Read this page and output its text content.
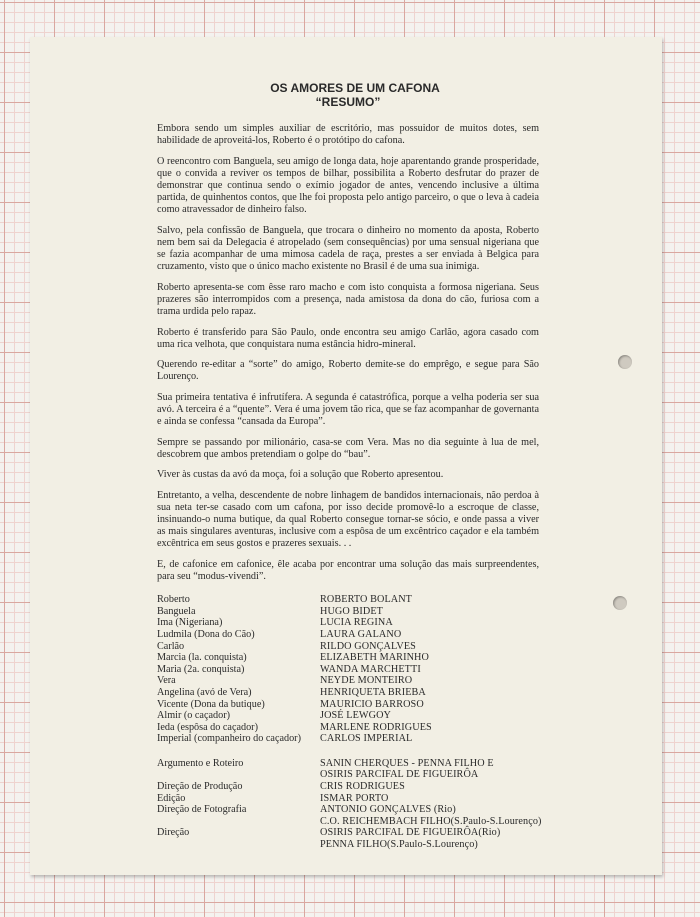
OS AMORES DE UM CAFONA
“RESUMO”

Embora sendo um simples auxiliar de escritório, mas possuidor de muitos dotes, sem habilidade de aproveitá-los, Roberto é o protótipo do cafona.

O reencontro com Banguela, seu amigo de longa data, hoje aparentando grande prosperidade, que o convida a reviver os tempos de bilhar, possibilita a Roberto desfrutar do prazer de demonstrar que continua sendo o exímio jogador de antes, vencendo inclusive a última partida, de quinhentos contos, que lhe foi proposta pelo antigo parceiro, o que o leva à cadeia como atravessador de dinheiro falso.

Salvo, pela confissão de Banguela, que trocara o dinheiro no momento da aposta, Roberto nem bem sai da Delegacia é atropelado (sem consequências) por uma sensual nigeriana que se fazia acompanhar de uma mimosa cadela de raça, prestes a ser enviada à Belgica para cruzamento, visto que o único macho existente no Brasil é de uma sua inimiga.

Roberto apresenta-se com êsse raro macho e com isto conquista a formosa nigeriana. Seus prazeres são interrompidos com a presença, nada amistosa da dona do cão, furiosa com a trama urdida pelo rapaz.

Roberto é transferido para São Paulo, onde encontra seu amigo Carlão, agora casado com uma rica velhota, que conquistara numa estância hidro-mineral.

Querendo re-editar a “sorte” do amigo, Roberto demite-se do emprêgo, e segue para São Lourenço.

Sua primeira tentativa é infrutífera. A segunda é catastrófica, porque a velha poderia ser sua avó. A terceira é a “quente”. Vera é uma jovem tão rica, que se faz acompanhar de governanta e ainda se confessa “cansada da Europa”.

Sempre se passando por milionário, casa-se com Vera. Mas no dia seguinte à lua de mel, descobrem que ambos pretendiam o golpe do “bau”.

Viver às custas da avó da moça, foi a solução que Roberto apresentou.

Entretanto, a velha, descendente de nobre linhagem de bandidos internacionais, não perdoa à sua neta ter-se casado com um cafona, por isso decide promovê-lo a escroque de classe, insinuando-o numa butique, da qual Roberto consegue tornar-se sócio, e onde passa a viver as mais singulares aventuras, inclusive com a espôsa de um excêntrico caçador e ela também excêntrica em seus gostos e prazeres sexuais. . .

E, de cafonice em cafonice, êle acaba por encontrar uma solução das mais surpreendentes, para seu “modus-vivendi”.

Roberto	ROBERTO BOLANT
Banguela	HUGO BIDET
Ima (Nigeriana)	LUCIA REGINA
Ludmila (Dona do Cão)	LAURA GALANO
Carlão	RILDO GONÇALVES
Marcia (la. conquista)	ELIZABETH MARINHO
Maria (2a. conquista)	WANDA MARCHETTI
Vera	NEYDE MONTEIRO
Angelina (avó de Vera)	HENRIQUETA BRIEBA
Vicente (Dona da butique)	MAURICIO BARROSO
Almir (o caçador)	JOSÉ LEWGOY
Ieda (espôsa do caçador)	MARLENE RODRIGUES
Imperial (companheiro do caçador)	CARLOS IMPERIAL
Argumento e Roteiro	SANIN CHERQUES - PENNA FILHO E
OSIRIS PARCIFAL DE FIGUEIRÔA
Direção de Produção	CRIS RODRIGUES
Edição	ISMAR PORTO
Direção de Fotografia	ANTONIO GONÇALVES (Rio)
C.O. REICHEMBACH FILHO(S.Paulo-S.Lourenço)
Direção	OSIRIS PARCIFAL DE FIGUEIRÔA(Rio)
PENNA FILHO(S.Paulo-S.Lourenço)
